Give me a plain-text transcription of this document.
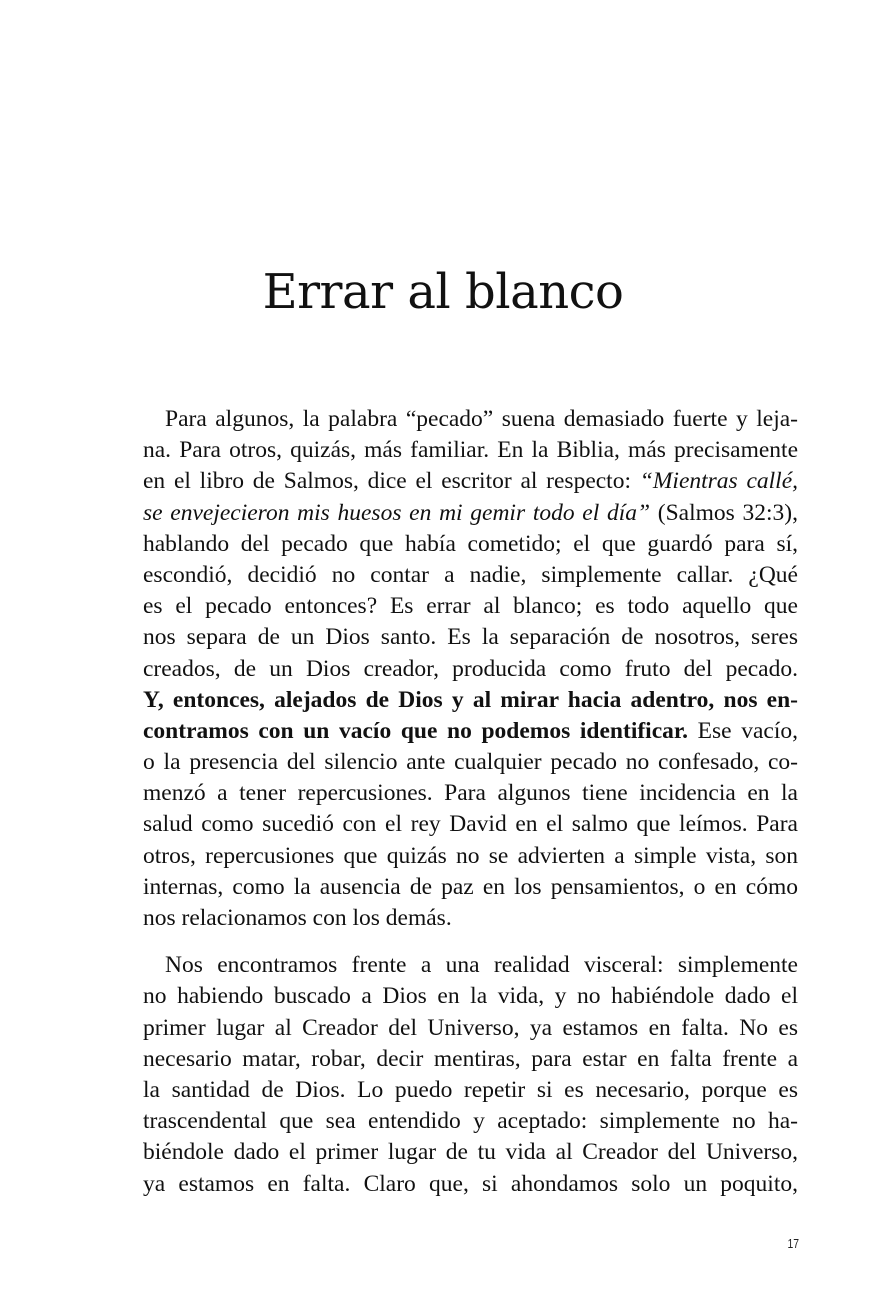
Errar al blanco
Para algunos, la palabra “pecado” suena demasiado fuerte y leja-
na. Para otros, quizás, más familiar. En la Biblia, más precisamente
en el libro de Salmos, dice el escritor al respecto: “Mientras callé,
se envejecieron mis huesos en mi gemir todo el día” (Salmos 32:3),
hablando del pecado que había cometido; el que guardó para sí,
escondió, decidió no contar a nadie, simplemente callar. ¿Qué
es el pecado entonces? Es errar al blanco; es todo aquello que
nos separa de un Dios santo. Es la separación de nosotros, seres
creados, de un Dios creador, producida como fruto del pecado.
Y, entonces, alejados de Dios y al mirar hacia adentro, nos en-
contramos con un vacío que no podemos identificar. Ese vacío,
o la presencia del silencio ante cualquier pecado no confesado, co-
menzó a tener repercusiones. Para algunos tiene incidencia en la
salud como sucedió con el rey David en el salmo que leímos. Para
otros, repercusiones que quizás no se advierten a simple vista, son
internas, como la ausencia de paz en los pensamientos, o en cómo
nos relacionamos con los demás.
Nos encontramos frente a una realidad visceral: simplemente
no habiendo buscado a Dios en la vida, y no habiéndole dado el
primer lugar al Creador del Universo, ya estamos en falta. No es
necesario matar, robar, decir mentiras, para estar en falta frente a
la santidad de Dios. Lo puedo repetir si es necesario, porque es
trascendental que sea entendido y aceptado: simplemente no ha-
biéndole dado el primer lugar de tu vida al Creador del Universo,
ya estamos en falta. Claro que, si ahondamos solo un poquito,
17
